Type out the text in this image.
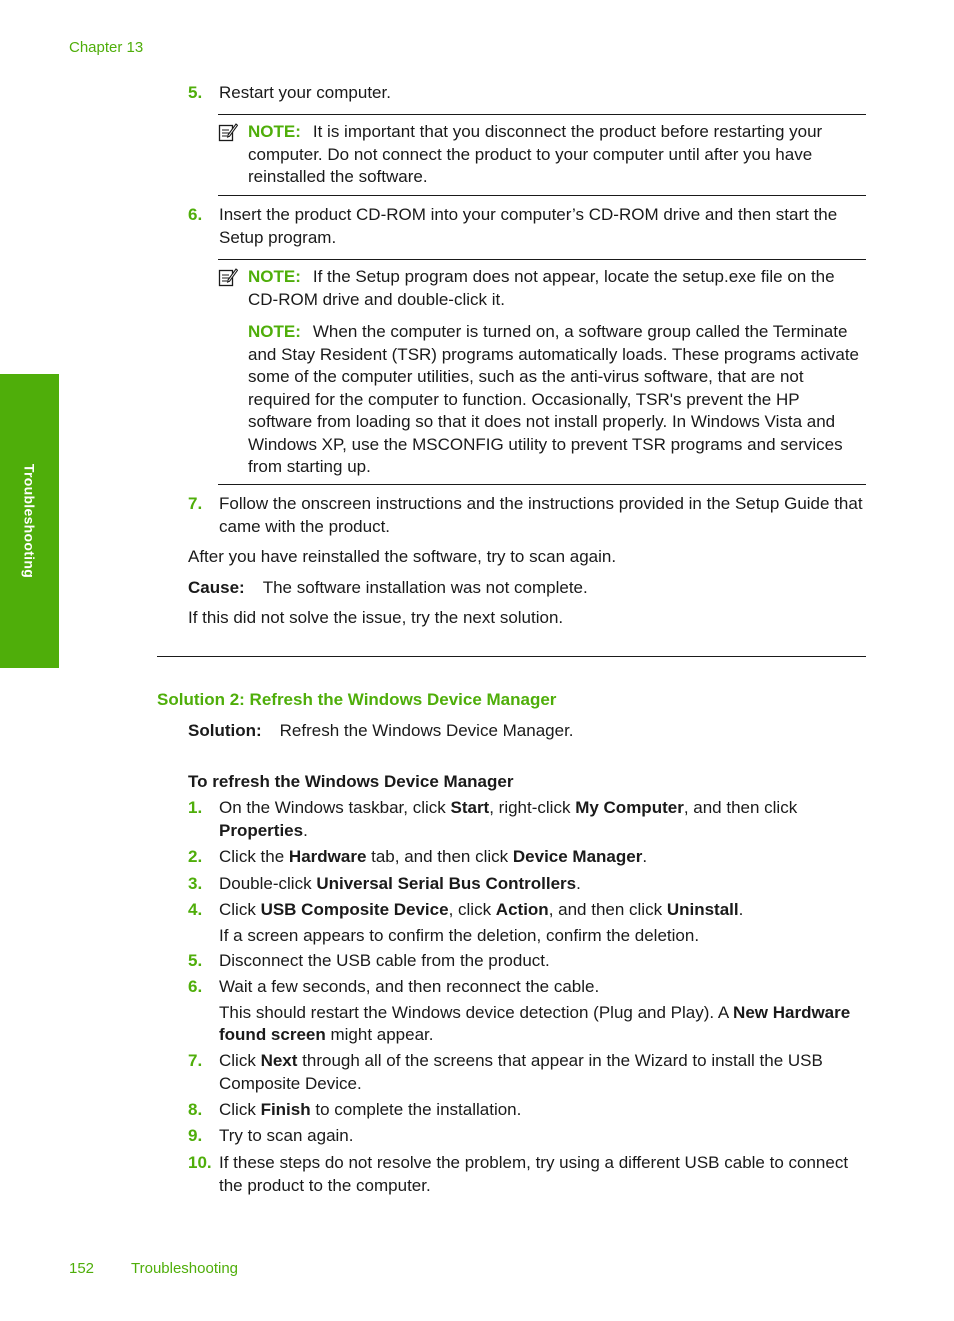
Chapter 13
Troubleshooting
5. Restart your computer.
NOTE: It is important that you disconnect the product before restarting your computer. Do not connect the product to your computer until after you have reinstalled the software.
6. Insert the product CD-ROM into your computer’s CD-ROM drive and then start the Setup program.
NOTE: If the Setup program does not appear, locate the setup.exe file on the CD-ROM drive and double-click it.
NOTE: When the computer is turned on, a software group called the Terminate and Stay Resident (TSR) programs automatically loads. These programs activate some of the computer utilities, such as the anti-virus software, that are not required for the computer to function. Occasionally, TSR's prevent the HP software from loading so that it does not install properly. In Windows Vista and Windows XP, use the MSCONFIG utility to prevent TSR programs and services from starting up.
7. Follow the onscreen instructions and the instructions provided in the Setup Guide that came with the product.
After you have reinstalled the software, try to scan again.
Cause: The software installation was not complete.
If this did not solve the issue, try the next solution.
Solution 2: Refresh the Windows Device Manager
Solution: Refresh the Windows Device Manager.
To refresh the Windows Device Manager
1. On the Windows taskbar, click Start, right-click My Computer, and then click Properties.
2. Click the Hardware tab, and then click Device Manager.
3. Double-click Universal Serial Bus Controllers.
4. Click USB Composite Device, click Action, and then click Uninstall.
If a screen appears to confirm the deletion, confirm the deletion.
5. Disconnect the USB cable from the product.
6. Wait a few seconds, and then reconnect the cable.
This should restart the Windows device detection (Plug and Play). A New Hardware found screen might appear.
7. Click Next through all of the screens that appear in the Wizard to install the USB Composite Device.
8. Click Finish to complete the installation.
9. Try to scan again.
10. If these steps do not resolve the problem, try using a different USB cable to connect the product to the computer.
152 Troubleshooting
